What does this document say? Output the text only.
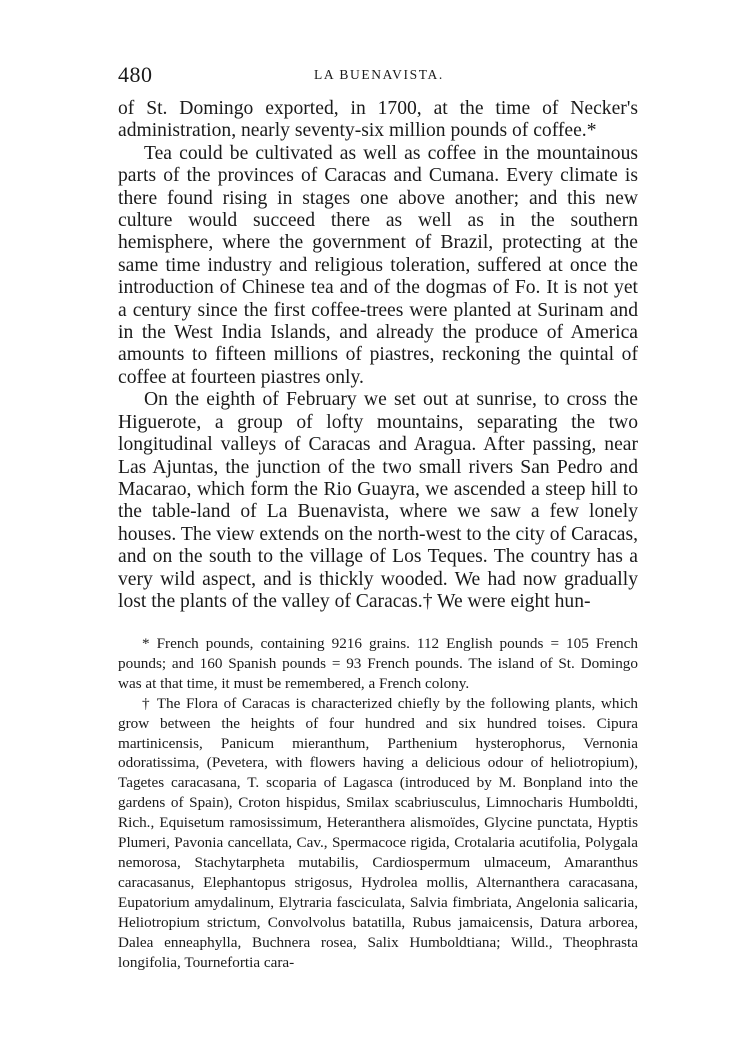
480	LA BUENAVISTA.

of St. Domingo exported, in 1700, at the time of Necker's administration, nearly seventy-six million pounds of coffee.*

Tea could be cultivated as well as coffee in the mountainous parts of the provinces of Caracas and Cumana. Every climate is there found rising in stages one above another; and this new culture would succeed there as well as in the southern hemisphere, where the government of Brazil, protecting at the same time industry and religious toleration, suffered at once the introduction of Chinese tea and of the dogmas of Fo. It is not yet a century since the first coffee-trees were planted at Surinam and in the West India Islands, and already the produce of America amounts to fifteen millions of piastres, reckoning the quintal of coffee at fourteen piastres only.

On the eighth of February we set out at sunrise, to cross the Higuerote, a group of lofty mountains, separating the two longitudinal valleys of Caracas and Aragua. After passing, near Las Ajuntas, the junction of the two small rivers San Pedro and Macarao, which form the Rio Guayra, we ascended a steep hill to the table-land of La Buenavista, where we saw a few lonely houses. The view extends on the north-west to the city of Caracas, and on the south to the village of Los Teques. The country has a very wild aspect, and is thickly wooded. We had now gradually lost the plants of the valley of Caracas.† We were eight hun-

* French pounds, containing 9216 grains. 112 English pounds = 105 French pounds; and 160 Spanish pounds = 93 French pounds. The island of St. Domingo was at that time, it must be remembered, a French colony.

† The Flora of Caracas is characterized chiefly by the following plants, which grow between the heights of four hundred and six hundred toises. Cipura martinicensis, Panicum mieranthum, Parthenium hysterophorus, Vernonia odoratissima, (Pevetera, with flowers having a delicious odour of heliotropium), Tagetes caracasana, T. scoparia of Lagasca (introduced by M. Bonpland into the gardens of Spain), Croton hispidus, Smilax scabriusculus, Limnocharis Humboldti, Rich., Equisetum ramosissimum, Heteranthera alismoïdes, Glycine punctata, Hyptis Plumeri, Pavonia cancellata, Cav., Spermacoce rigida, Crotalaria acutifolia, Polygala nemorosa, Stachytarpheta mutabilis, Cardiospermum ulmaceum, Amaranthus caracasanus, Elephantopus strigosus, Hydrolea mollis, Alternanthera caracasana, Eupatorium amydalinum, Elytraria fasciculata, Salvia fimbriata, Angelonia salicaria, Heliotropium strictum, Convolvolus batatilla, Rubus jamaicensis, Datura arborea, Dalea enneaphylla, Buchnera rosea, Salix Humboldtiana; Willd., Theophrasta longifolia, Tournefortia cara-
